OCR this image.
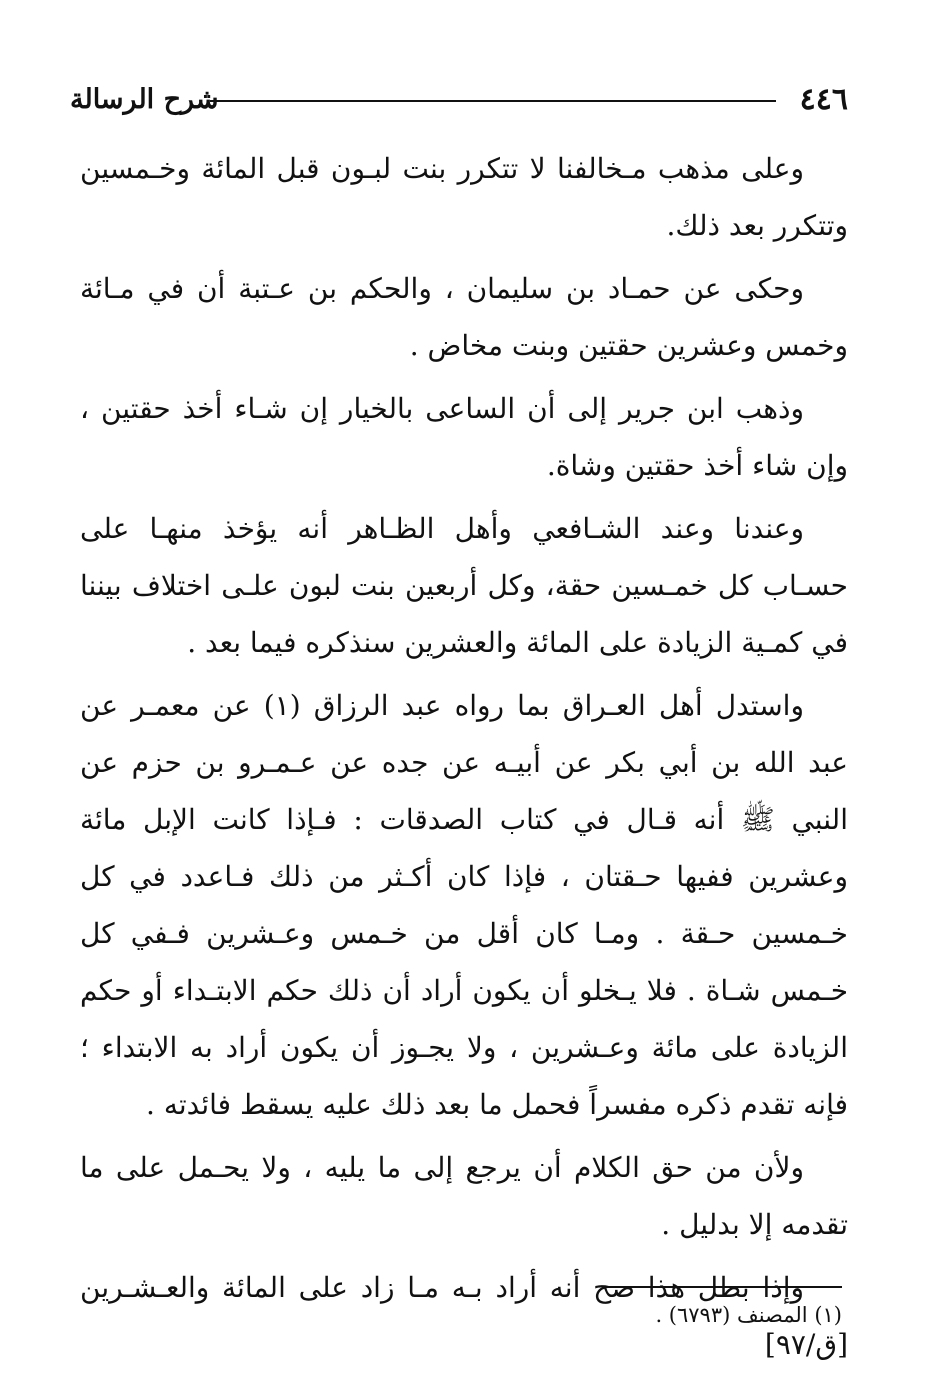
٤٤٦
شرح الرسالة

وعلى مذهب مـخالفنا لا تتكرر بنت لبـون قبل المائة وخـمسين وتتكرر بعد ذلك.

وحكى عن حمـاد بن سليمان ، والحكم بن عـتبة أن في مـائة وخمس وعشرين حقتين وبنت مخاض .

وذهب ابن جرير إلى أن الساعى بالخيار إن شـاء أخذ حقتين ، وإن شاء أخذ حقتين وشاة.

وعندنا وعند الشـافعي وأهل الظـاهر أنه يؤخذ منهـا على حسـاب كل خمـسين حقة، وكل أربعين بنت لبون علـى اختلاف بيننا في كمـية الزيادة على المائة والعشرين سنذكره فيما بعد .

واستدل أهل العـراق بما رواه عبد الرزاق (١) عن معمـر عن عبد الله بن أبي بكر عن أبيـه عن جده عن عـمـرو بن حزم عن النبي ﷺ أنه قـال في كتاب الصدقات : فـإذا كانت الإبل مائة وعشرين ففيها حـقتان ، فإذا كان أكـثر من ذلك فـاعدد في كل خـمسين حـقة . ومـا كان أقل من خـمس وعـشرين فـفي كل خـمس شـاة . فلا يـخلو أن يكون أراد أن ذلك حكم الابتـداء أو حكم الزيادة على مائة وعـشرين ، ولا يجـوز أن يكون أراد به الابتداء ؛ فإنه تقدم ذكره مفسراً فحمل ما بعد ذلك عليه يسقط فائدته .

ولأن من حق الكلام أن يرجع إلى ما يليه ، ولا يحـمل على ما تقدمه إلا بدليل .

وإذا بطل هذا صح أنه أراد بـه مـا زاد على المائة والعـشـرين [ق/٩٧]

(١) المصنف (٦٧٩٣) .
